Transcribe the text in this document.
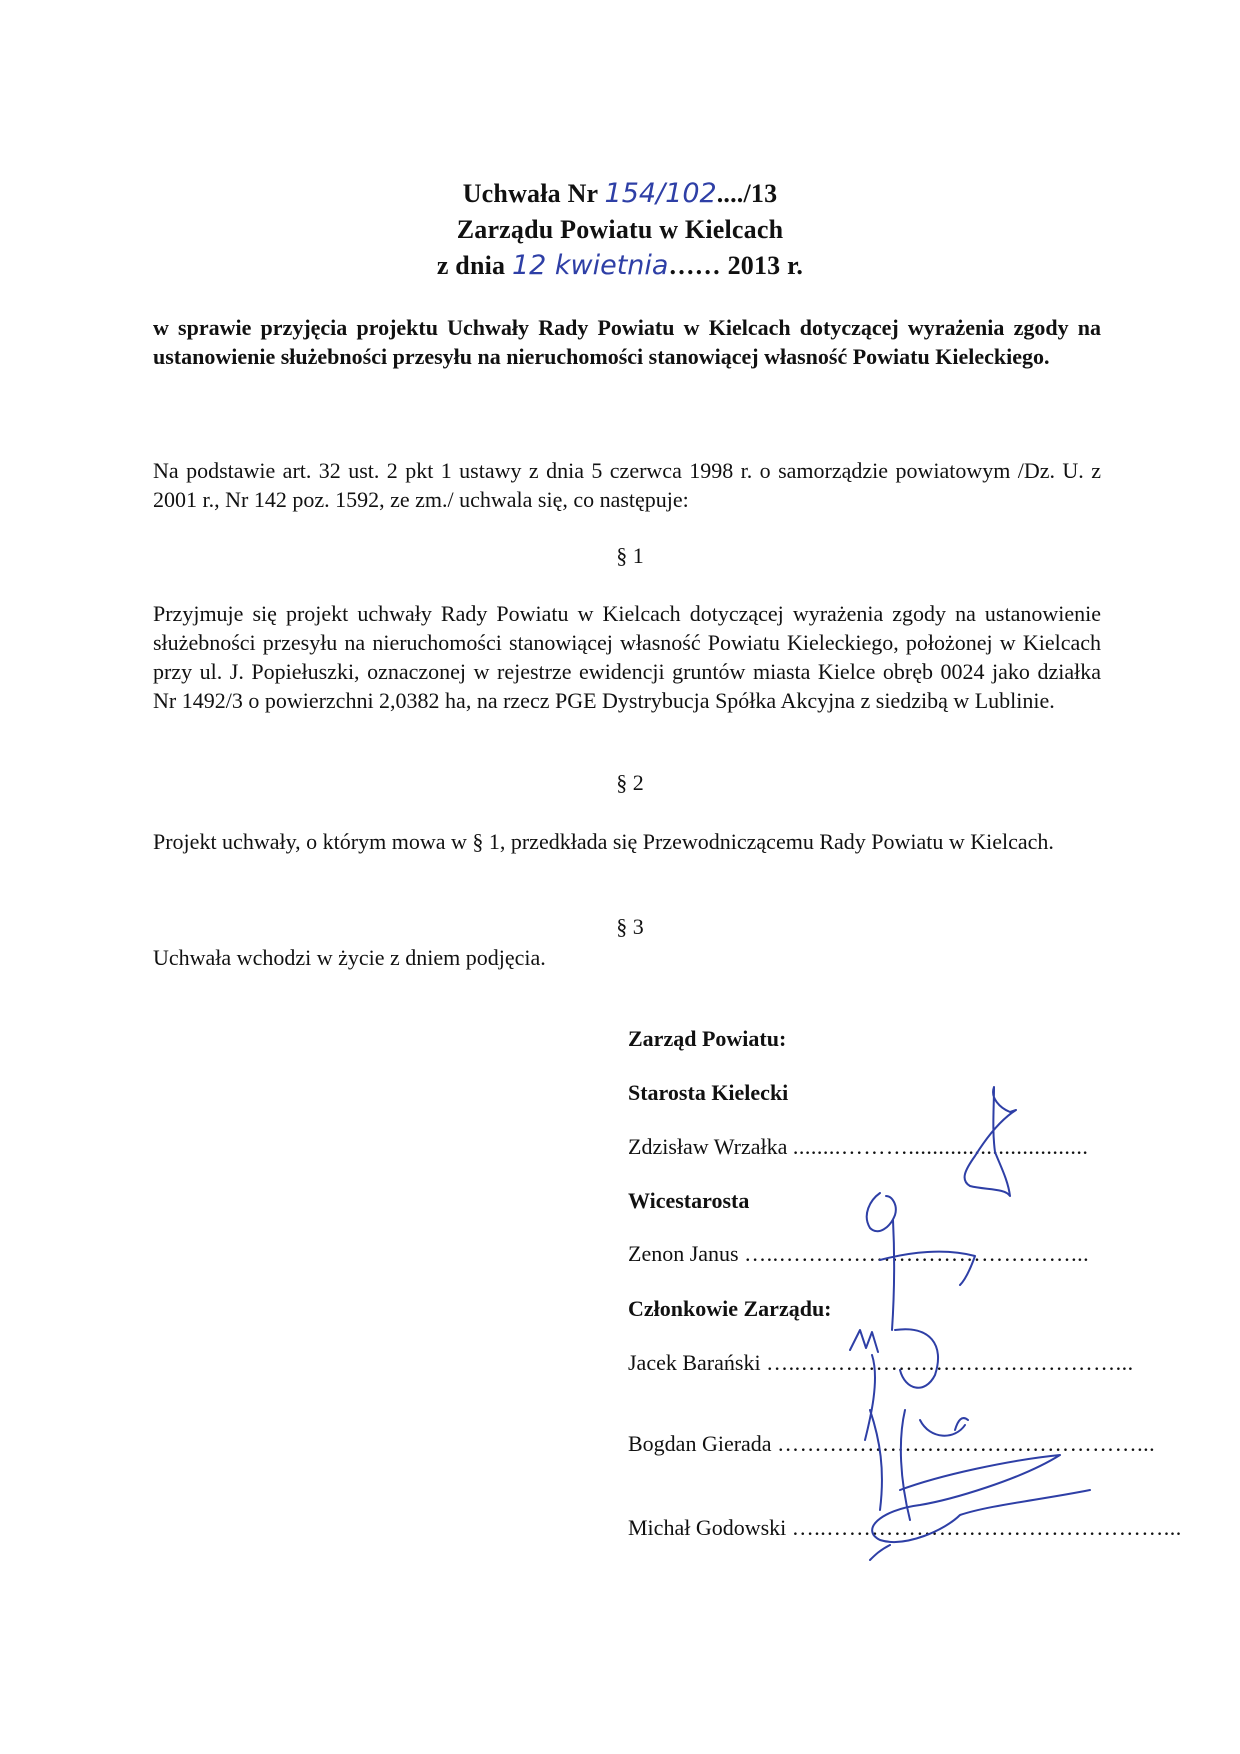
Uchwała Nr 154/102..../13
Zarządu Powiatu w Kielcach
z dnia 12 kwietnia…… 2013 r.
w sprawie przyjęcia projektu Uchwały Rady Powiatu w Kielcach dotyczącej wyrażenia zgody na ustanowienie służebności przesyłu na nieruchomości stanowiącej własność Powiatu Kieleckiego.
Na podstawie art. 32 ust. 2 pkt 1 ustawy z dnia 5 czerwca 1998 r. o samorządzie powiatowym /Dz. U. z 2001 r., Nr 142 poz. 1592, ze zm./ uchwala się, co następuje:
§ 1
Przyjmuje się projekt uchwały Rady Powiatu w Kielcach dotyczącej wyrażenia zgody na ustanowienie służebności przesyłu na nieruchomości stanowiącej własność Powiatu Kieleckiego, położonej w Kielcach przy ul. J. Popiełuszki, oznaczonej w rejestrze ewidencji gruntów miasta Kielce obręb 0024 jako działka Nr 1492/3 o powierzchni 2,0382 ha, na rzecz PGE Dystrybucja Spółka Akcyjna z siedzibą w Lublinie.
§ 2
Projekt uchwały, o którym mowa w § 1, przedkłada się Przewodniczącemu Rady Powiatu w Kielcach.
§ 3
Uchwała wchodzi w życie z dniem podjęcia.
Zarząd Powiatu:
Starosta Kielecki
Zdzisław Wrzałka ........………..............................
Wicestarosta
Zenon Janus …..…………………………………...
Członkowie Zarządu:
Jacek Barański …..……………………………………...
Bogdan Gierada …………………………………………...
Michał Godowski …..………………………………………...
